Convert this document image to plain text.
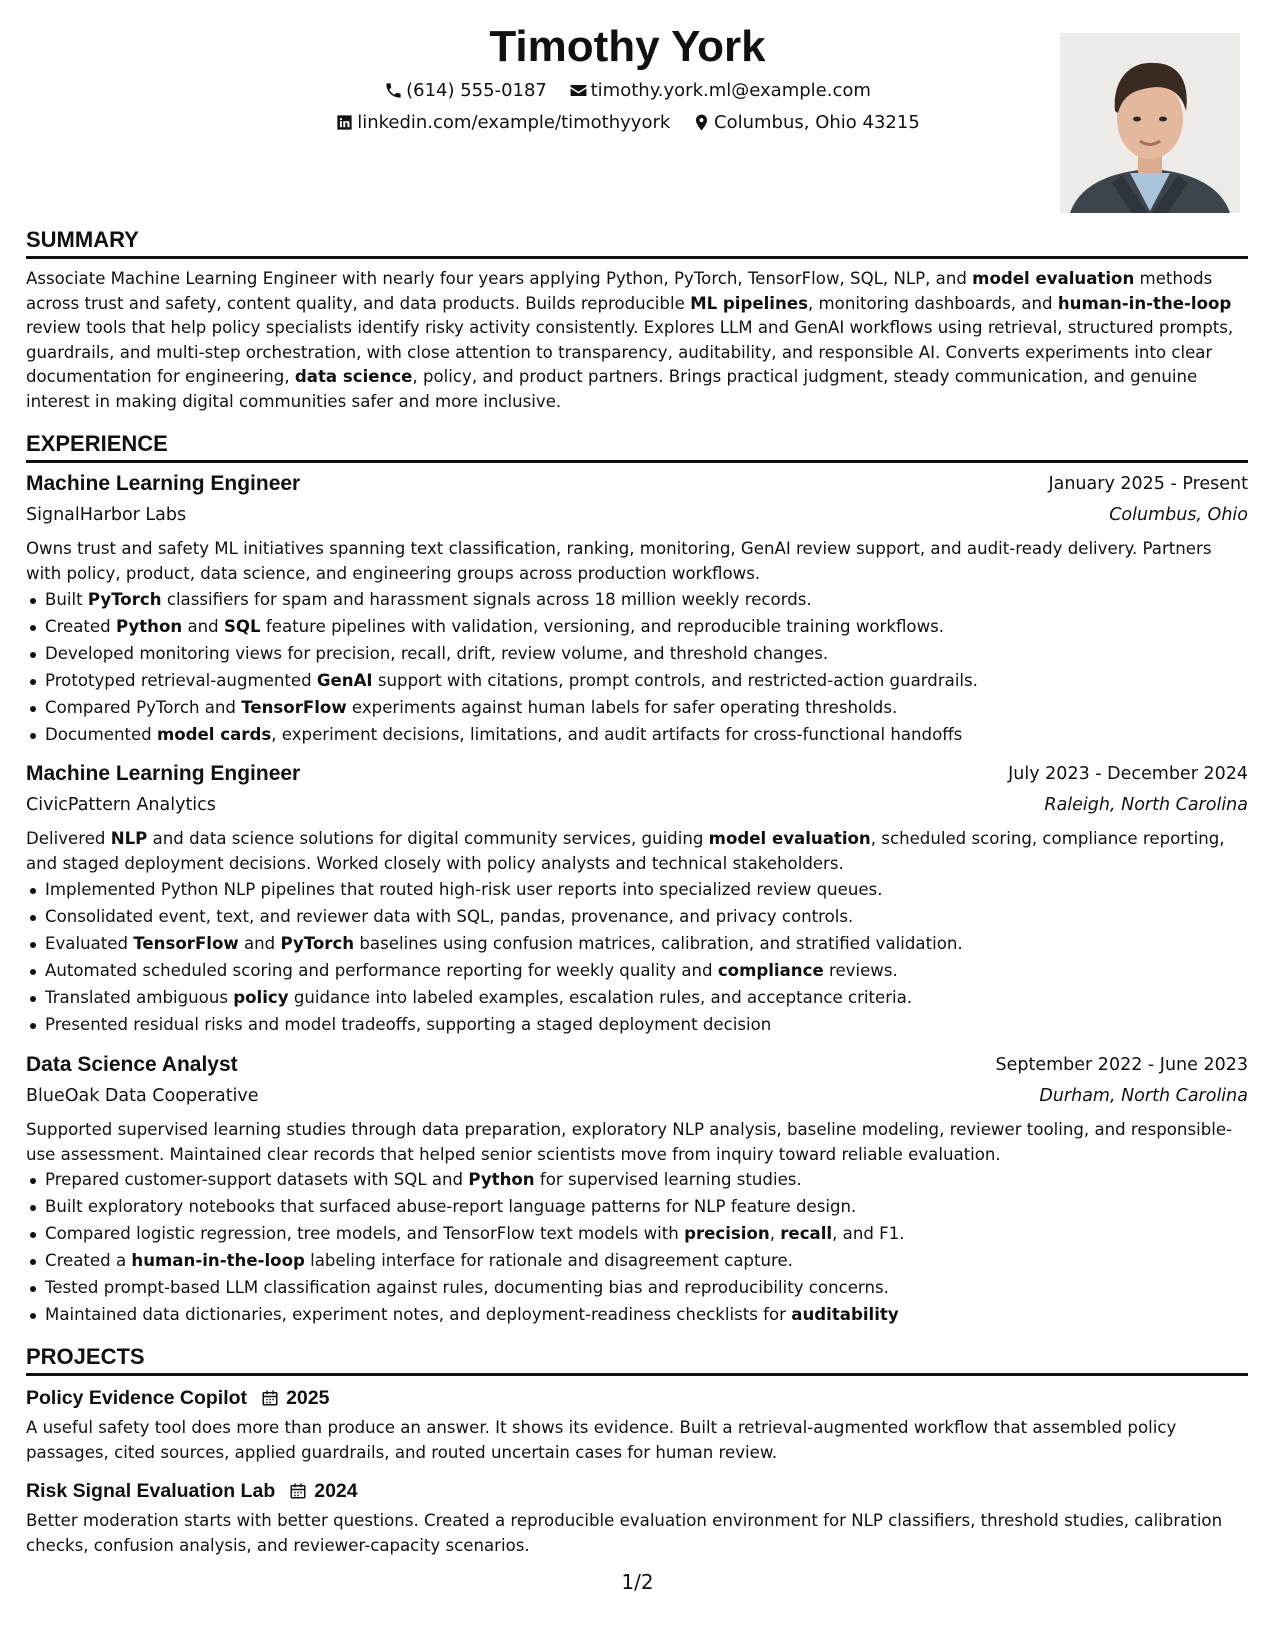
Timothy York
(614) 555-0187
timothy.york.ml@example.com
linkedin.com/example/timothyyork
Columbus, Ohio 43215
SUMMARY

Associate Machine Learning Engineer with nearly four years applying Python, PyTorch, TensorFlow, SQL, NLP, and model evaluation methods across trust and safety, content quality, and data products. Builds reproducible ML pipelines, monitoring dashboards, and human-in-the-loop review tools that help policy specialists identify risky activity consistently. Explores LLM and GenAI workflows using retrieval, structured prompts, guardrails, and multi-step orchestration, with close attention to transparency, auditability, and responsible AI. Converts experiments into clear documentation for engineering, data science, policy, and product partners. Brings practical judgment, steady communication, and genuine interest in making digital communities safer and more inclusive.

EXPERIENCE
Machine Learning Engineer	January 2025 - Present
SignalHarbor Labs	Columbus, Ohio

Owns trust and safety ML initiatives spanning text classification, ranking, monitoring, GenAI review support, and audit-ready delivery. Partners with policy, product, data science, and engineering groups across production workflows.

Built PyTorch classifiers for spam and harassment signals across 18 million weekly records.
Created Python and SQL feature pipelines with validation, versioning, and reproducible training workflows.
Developed monitoring views for precision, recall, drift, review volume, and threshold changes.
Prototyped retrieval-augmented GenAI support with citations, prompt controls, and restricted-action guardrails.
Compared PyTorch and TensorFlow experiments against human labels for safer operating thresholds.
Documented model cards, experiment decisions, limitations, and audit artifacts for cross-functional handoffs
Machine Learning Engineer	July 2023 - December 2024
CivicPattern Analytics	Raleigh, North Carolina

Delivered NLP and data science solutions for digital community services, guiding model evaluation, scheduled scoring, compliance reporting, and staged deployment decisions. Worked closely with policy analysts and technical stakeholders.

Implemented Python NLP pipelines that routed high-risk user reports into specialized review queues.
Consolidated event, text, and reviewer data with SQL, pandas, provenance, and privacy controls.
Evaluated TensorFlow and PyTorch baselines using confusion matrices, calibration, and stratified validation.
Automated scheduled scoring and performance reporting for weekly quality and compliance reviews.
Translated ambiguous policy guidance into labeled examples, escalation rules, and acceptance criteria.
Presented residual risks and model tradeoffs, supporting a staged deployment decision
Data Science Analyst	September 2022 - June 2023
BlueOak Data Cooperative	Durham, North Carolina

Supported supervised learning studies through data preparation, exploratory NLP analysis, baseline modeling, reviewer tooling, and responsible-use assessment. Maintained clear records that helped senior scientists move from inquiry toward reliable evaluation.

Prepared customer-support datasets with SQL and Python for supervised learning studies.
Built exploratory notebooks that surfaced abuse-report language patterns for NLP feature design.
Compared logistic regression, tree models, and TensorFlow text models with precision, recall, and F1.
Created a human-in-the-loop labeling interface for rationale and disagreement capture.
Tested prompt-based LLM classification against rules, documenting bias and reproducibility concerns.
Maintained data dictionaries, experiment notes, and deployment-readiness checklists for auditability
PROJECTS
Policy Evidence Copilot 2025

A useful safety tool does more than produce an answer. It shows its evidence. Built a retrieval-augmented workflow that assembled policy passages, cited sources, applied guardrails, and routed uncertain cases for human review.

Risk Signal Evaluation Lab 2024

Better moderation starts with better questions. Created a reproducible evaluation environment for NLP classifiers, threshold studies, calibration checks, confusion analysis, and reviewer-capacity scenarios.

1/2
